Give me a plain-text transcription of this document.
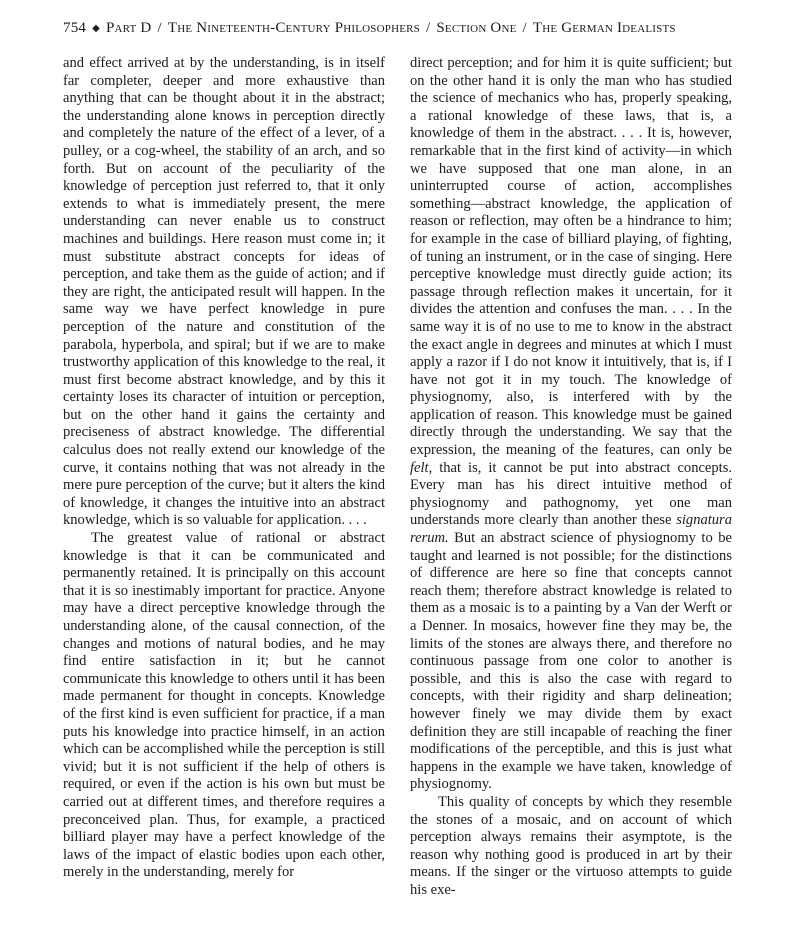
754 ◆ Part D / The Nineteenth-Century Philosophers / Section One / The German Idealists

and effect arrived at by the understanding, is in itself far completer, deeper and more exhaustive than anything that can be thought about it in the abstract; the understanding alone knows in perception directly and completely the nature of the effect of a lever, of a pulley, or a cog-wheel, the stability of an arch, and so forth. But on account of the peculiarity of the knowledge of perception just referred to, that it only extends to what is immediately present, the mere understanding can never enable us to construct machines and buildings. Here reason must come in; it must substitute abstract concepts for ideas of perception, and take them as the guide of action; and if they are right, the anticipated result will happen. In the same way we have perfect knowledge in pure perception of the nature and constitution of the parabola, hyperbola, and spiral; but if we are to make trustworthy application of this knowledge to the real, it must first become abstract knowledge, and by this it certainty loses its character of intuition or perception, but on the other hand it gains the certainty and preciseness of abstract knowledge. The differential calculus does not really extend our knowledge of the curve, it contains nothing that was not already in the mere pure perception of the curve; but it alters the kind of knowledge, it changes the intuitive into an abstract knowledge, which is so valuable for application. . . .

The greatest value of rational or abstract knowledge is that it can be communicated and permanently retained. It is principally on this account that it is so inestimably important for practice. Anyone may have a direct perceptive knowledge through the understanding alone, of the causal connection, of the changes and motions of natural bodies, and he may find entire satisfaction in it; but he cannot communicate this knowledge to others until it has been made permanent for thought in concepts. Knowledge of the first kind is even sufficient for practice, if a man puts his knowledge into practice himself, in an action which can be accomplished while the perception is still vivid; but it is not sufficient if the help of others is required, or even if the action is his own but must be carried out at different times, and therefore requires a preconceived plan. Thus, for example, a practiced billiard player may have a perfect knowledge of the laws of the impact of elastic bodies upon each other, merely in the understanding, merely for

direct perception; and for him it is quite sufficient; but on the other hand it is only the man who has studied the science of mechanics who has, properly speaking, a rational knowledge of these laws, that is, a knowledge of them in the abstract. . . . It is, however, remarkable that in the first kind of activity—in which we have supposed that one man alone, in an uninterrupted course of action, accomplishes something—abstract knowledge, the application of reason or reflection, may often be a hindrance to him; for example in the case of billiard playing, of fighting, of tuning an instrument, or in the case of singing. Here perceptive knowledge must directly guide action; its passage through reflection makes it uncertain, for it divides the attention and confuses the man. . . . In the same way it is of no use to me to know in the abstract the exact angle in degrees and minutes at which I must apply a razor if I do not know it intuitively, that is, if I have not got it in my touch. The knowledge of physiognomy, also, is interfered with by the application of reason. This knowledge must be gained directly through the understanding. We say that the expression, the meaning of the features, can only be felt, that is, it cannot be put into abstract concepts. Every man has his direct intuitive method of physiognomy and pathognomy, yet one man understands more clearly than another these signatura rerum. But an abstract science of physiognomy to be taught and learned is not possible; for the distinctions of difference are here so fine that concepts cannot reach them; therefore abstract knowledge is related to them as a mosaic is to a painting by a Van der Werft or a Denner. In mosaics, however fine they may be, the limits of the stones are always there, and therefore no continuous passage from one color to another is possible, and this is also the case with regard to concepts, with their rigidity and sharp delineation; however finely we may divide them by exact definition they are still incapable of reaching the finer modifications of the perceptible, and this is just what happens in the example we have taken, knowledge of physiognomy.

This quality of concepts by which they resemble the stones of a mosaic, and on account of which perception always remains their asymptote, is the reason why nothing good is produced in art by their means. If the singer or the virtuoso attempts to guide his exe-
